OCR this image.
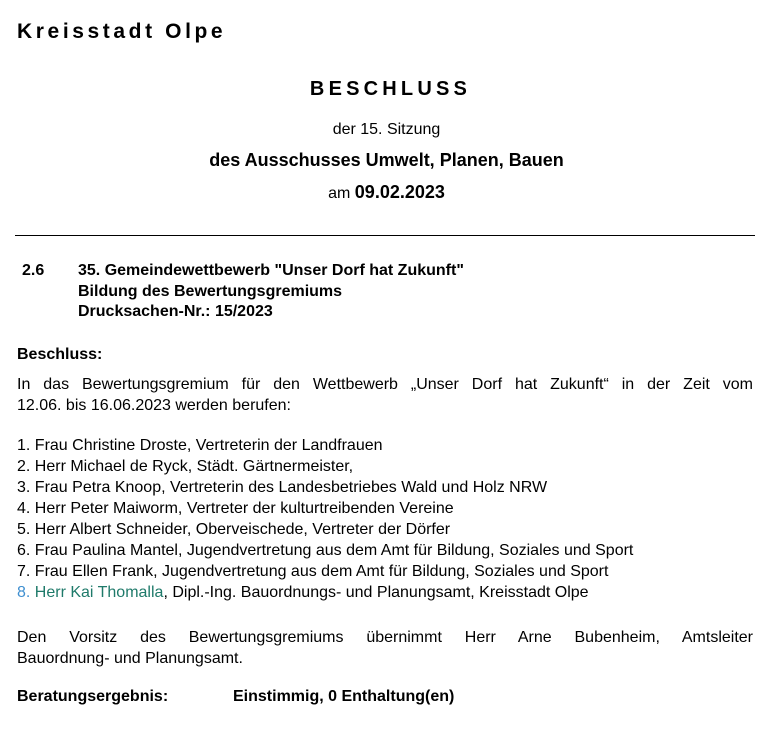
Kreisstadt Olpe
BESCHLUSS
der 15. Sitzung
des Ausschusses Umwelt, Planen, Bauen
am 09.02.2023
2.6 35. Gemeindewettbewerb "Unser Dorf hat Zukunft"
Bildung des Bewertungsgremiums
Drucksachen-Nr.: 15/2023
Beschluss:
In das Bewertungsgremium für den Wettbewerb „Unser Dorf hat Zukunft“ in der Zeit vom
12.06. bis 16.06.2023 werden berufen:
1. Frau Christine Droste, Vertreterin der Landfrauen
2. Herr Michael de Ryck, Städt. Gärtnermeister,
3. Frau Petra Knoop, Vertreterin des Landesbetriebes Wald und Holz NRW
4. Herr Peter Maiworm, Vertreter der kulturtreibenden Vereine
5. Herr Albert Schneider, Oberveischede, Vertreter der Dörfer
6. Frau Paulina Mantel, Jugendvertretung aus dem Amt für Bildung, Soziales und Sport
7. Frau Ellen Frank, Jugendvertretung aus dem Amt für Bildung, Soziales und Sport
8. Herr Kai Thomalla, Dipl.-Ing. Bauordnungs- und Planungsamt, Kreisstadt Olpe
Den Vorsitz des Bewertungsgremiums übernimmt Herr Arne Bubenheim, Amtsleiter
Bauordnung- und Planungsamt.
Beratungsergebnis:	Einstimmig, 0 Enthaltung(en)
